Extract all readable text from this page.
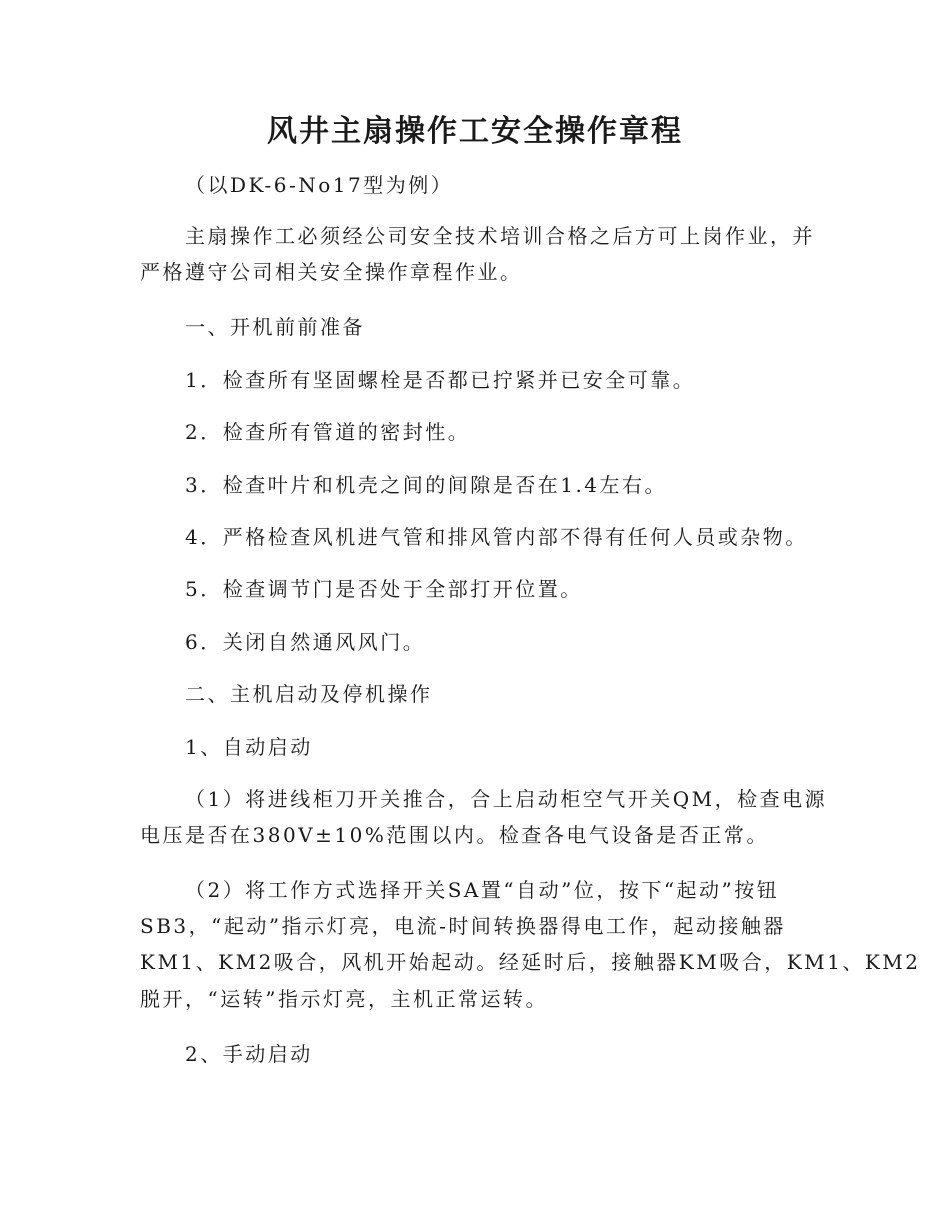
风井主扇操作工安全操作章程
（以DK-6-No17型为例）
主扇操作工必须经公司安全技术培训合格之后方可上岗作业，并
严格遵守公司相关安全操作章程作业。
一、开机前前准备
1．检查所有坚固螺栓是否都已拧紧并已安全可靠。
2．检查所有管道的密封性。
3．检查叶片和机壳之间的间隙是否在1.4左右。
4．严格检查风机进气管和排风管内部不得有任何人员或杂物。
5．检查调节门是否处于全部打开位置。
6．关闭自然通风风门。
二、主机启动及停机操作
1、自动启动
（1）将进线柜刀开关推合，合上启动柜空气开关QM，检查电源
电压是否在380V±10%范围以内。检查各电气设备是否正常。
（2）将工作方式选择开关SA置“自动”位，按下“起动”按钮
SB3，“起动”指示灯亮，电流-时间转换器得电工作，起动接触器
KM1、KM2吸合，风机开始起动。经延时后，接触器KM吸合，KM1、KM2
脱开，“运转”指示灯亮，主机正常运转。
2、手动启动
